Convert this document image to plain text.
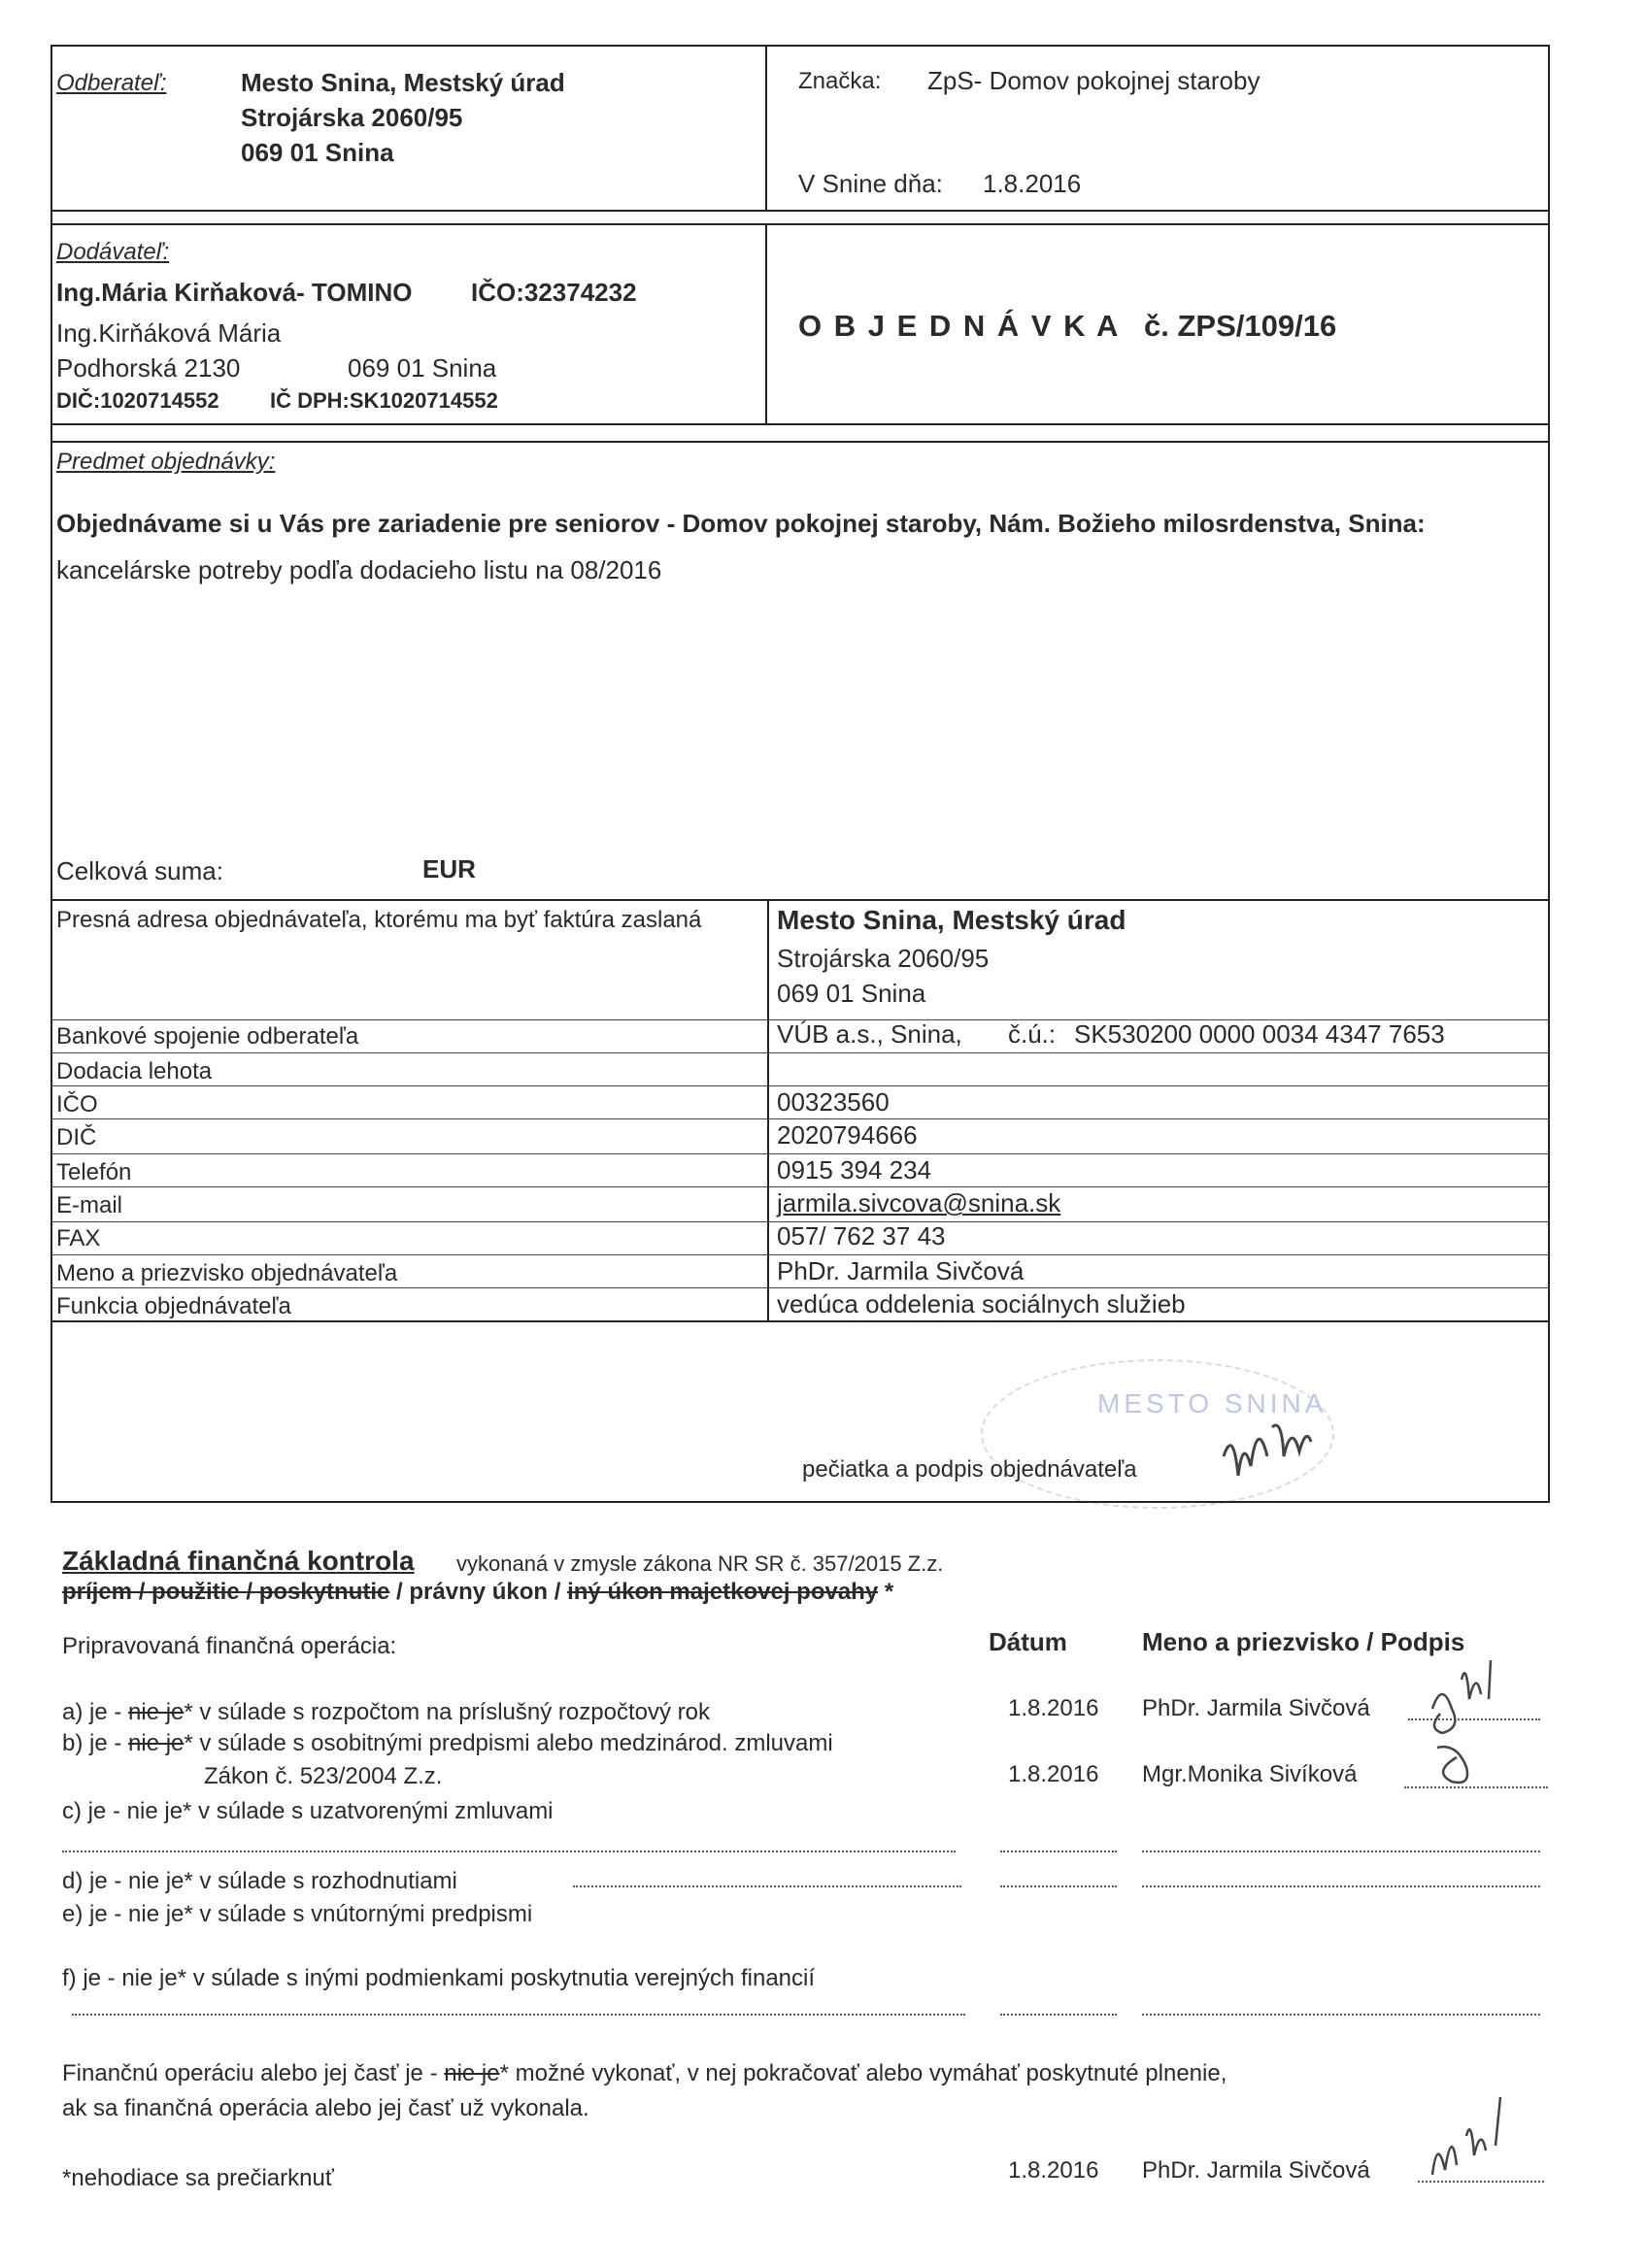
Odberateľ:	Mesto Snina, Mestský úrad
Strojárska 2060/95
069 01 Snina
Značka: ZpS- Domov pokojnej staroby
V Snine dňa: 1.8.2016
Dodávateľ:
Ing.Mária Kirňaková- TOMINO IČO:32374232
Ing.Kirňáková Mária
Podhorská 2130	069 01 Snina
DIČ:1020714552 IČ DPH:SK1020714552
O B J E D N Á V K A č. ZPS/109/16
Predmet objednávky:
Objednávame si u Vás pre zariadenie pre seniorov - Domov pokojnej staroby, Nám. Božieho milosrdenstva, Snina:
kancelárske potreby podľa dodacieho listu na 08/2016
Celková suma:	EUR
Presná adresa objednávateľa, ktorému ma byť faktúra zaslaná	Mesto Snina, Mestský úrad
Strojárska 2060/95
069 01 Snina
Bankové spojenie odberateľa	VÚB a.s., Snina, č.ú.: SK530200 0000 0034 4347 7653
Dodacia lehota
IČO	00323560
DIČ	2020794666
Telefón	0915 394 234
E-mail	jarmila.sivcova@snina.sk
FAX	057/ 762 37 43
Meno a priezvisko objednávateľa	PhDr. Jarmila Sivčová
Funkcia objednávateľa	vedúca oddelenia sociálnych služieb
MESTO SNINA
pečiatka a podpis objednávateľa
Základná finančná kontrola vykonaná v zmysle zákona NR SR č. 357/2015 Z.z.
príjem / použitie / poskytnutie / právny úkon / iný úkon majetkovej povahy *
Pripravovaná finančná operácia:	Dátum	Meno a priezvisko / Podpis
a) je - nie je* v súlade s rozpočtom na príslušný rozpočtový rok	1.8.2016 PhDr. Jarmila Sivčová
b) je - nie je* v súlade s osobitnými predpismi alebo medzinárod. zmluvami
Zákon č. 523/2004 Z.z.	1.8.2016 Mgr.Monika Sivíková
c) je - nie je* v súlade s uzatvorenými zmluvami
d) je - nie je* v súlade s rozhodnutiami
e) je - nie je* v súlade s vnútornými predpismi
f) je - nie je* v súlade s inými podmienkami poskytnutia verejných financií
Finančnú operáciu alebo jej časť je - nie je* možné vykonať, v nej pokračovať alebo vymáhať poskytnuté plnenie,
ak sa finančná operácia alebo jej časť už vykonala.
*nehodiace sa prečiarknuť	1.8.2016 PhDr. Jarmila Sivčová
